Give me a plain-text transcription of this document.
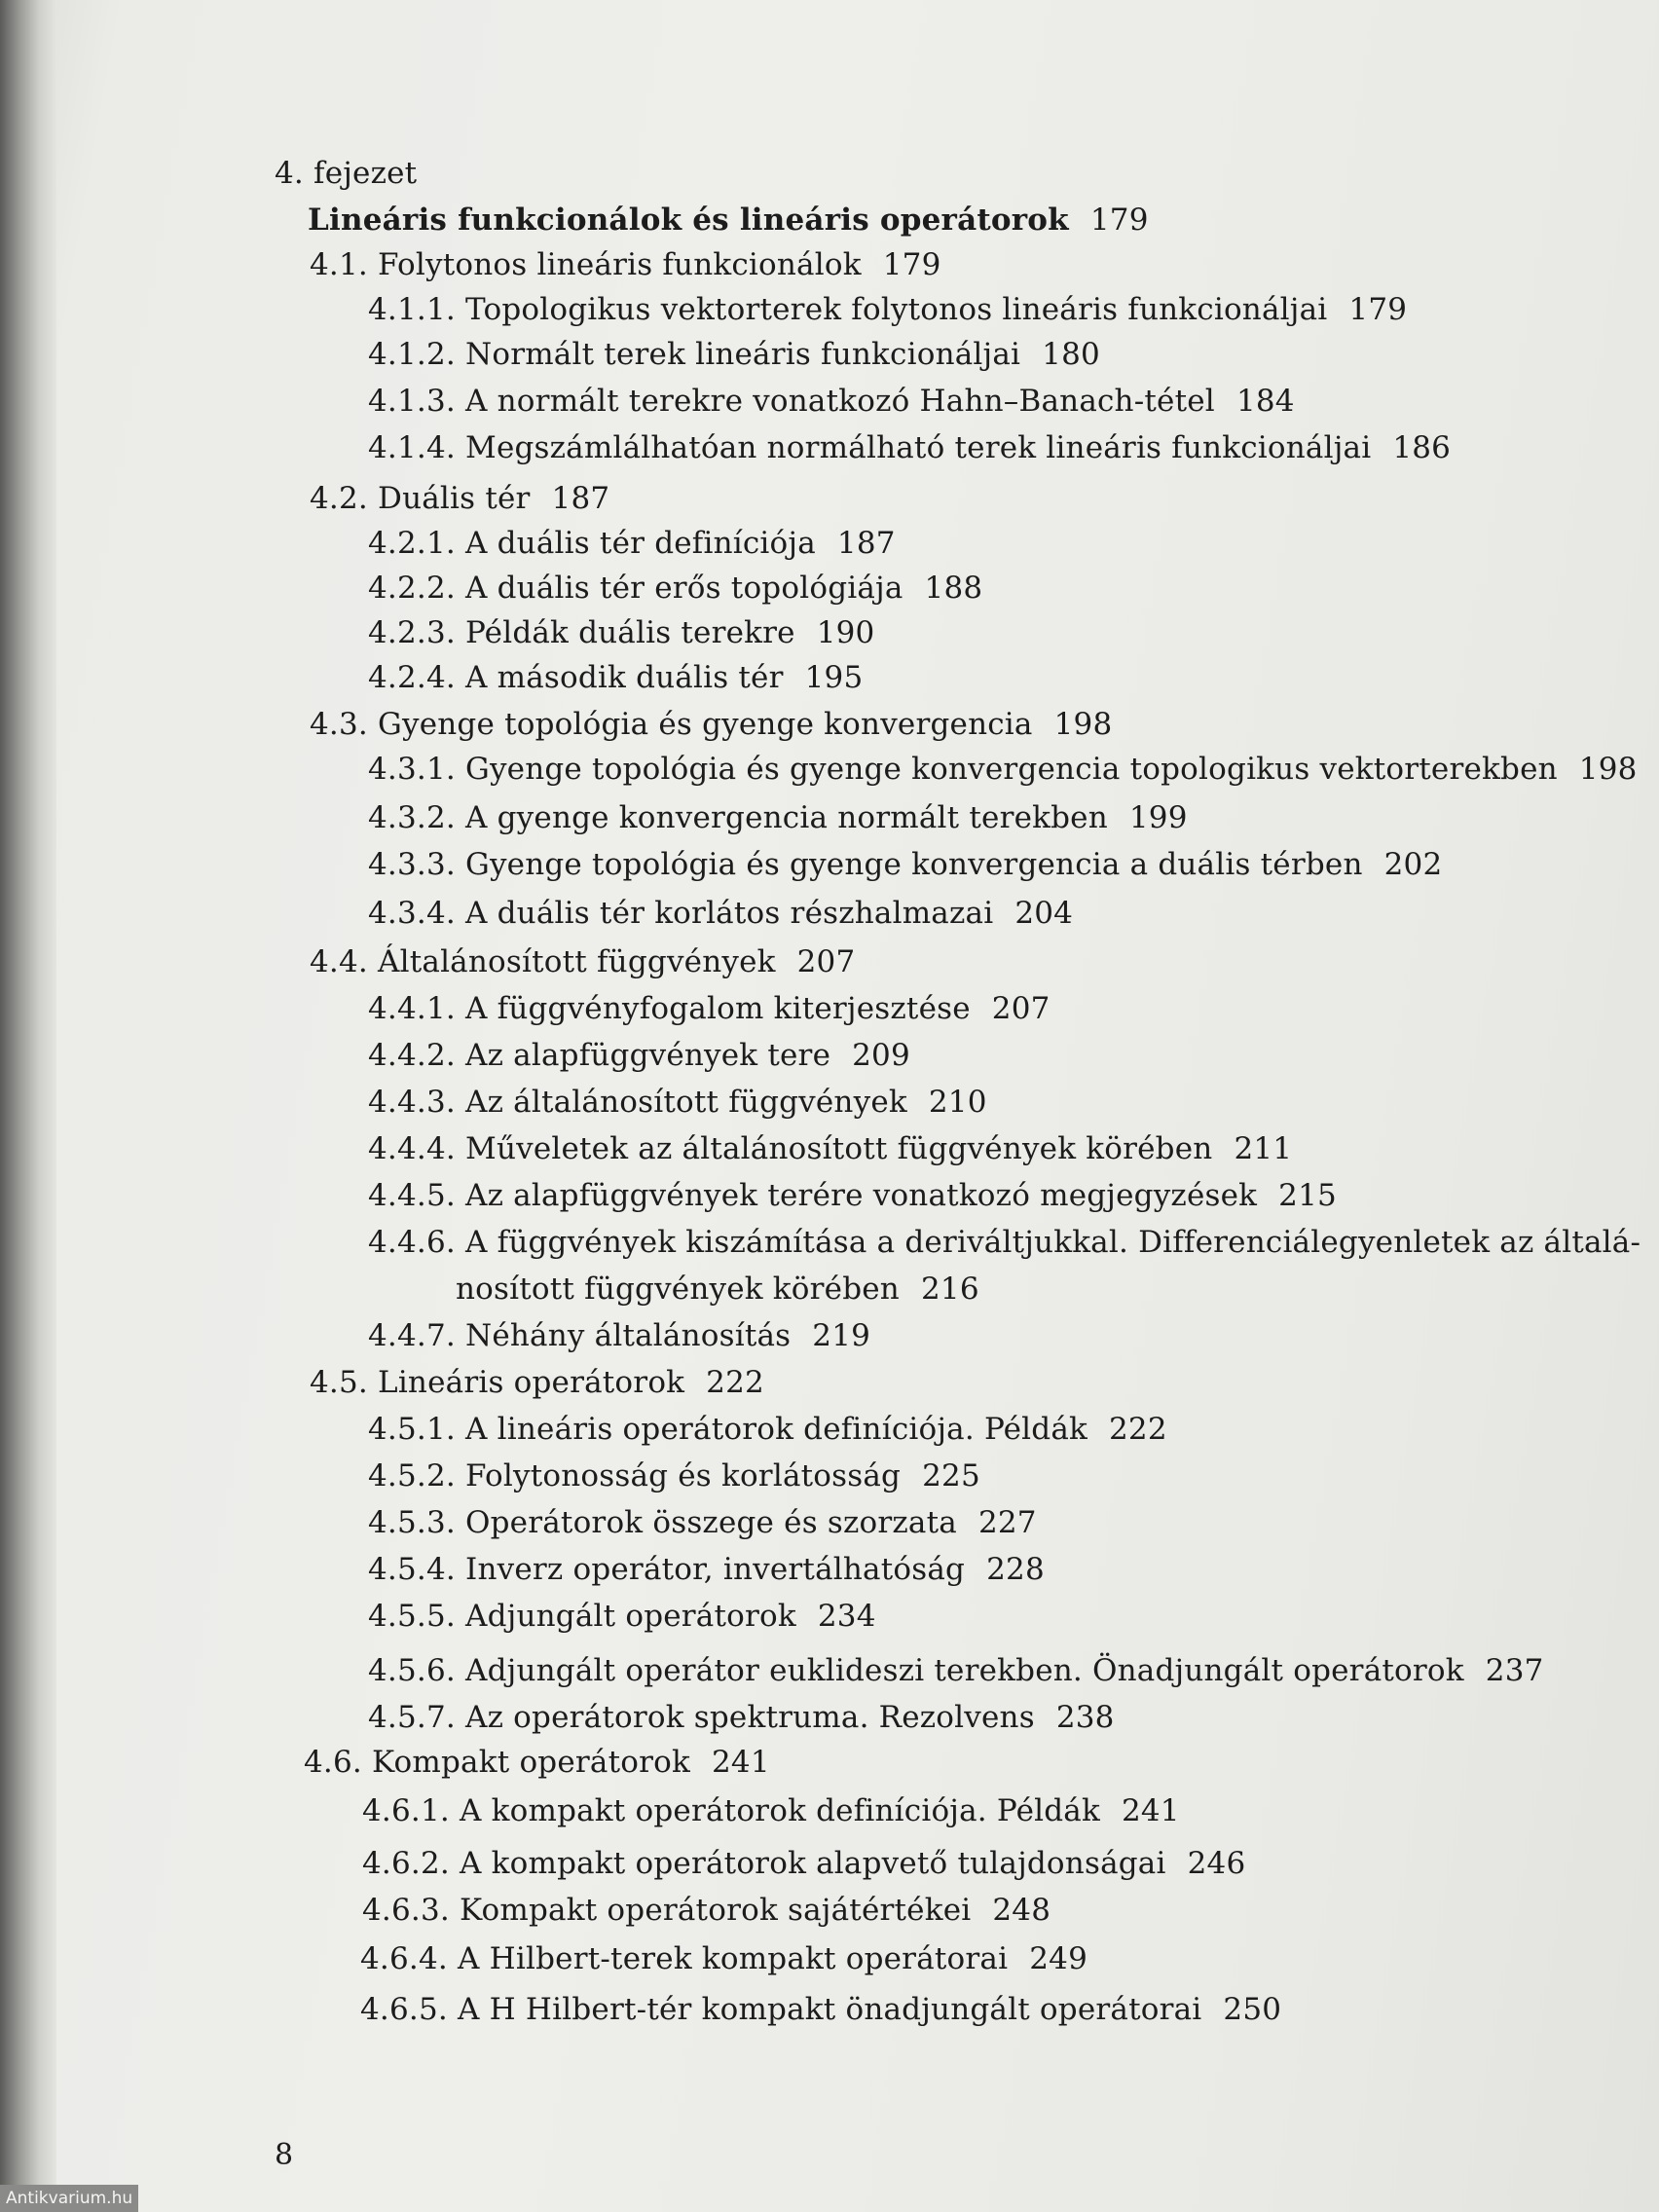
4. fejezet
Lineáris funkcionálok és lineáris operátorok 179
4.1. Folytonos lineáris funkcionálok 179
4.1.1. Topologikus vektorterek folytonos lineáris funkcionáljai 179
4.1.2. Normált terek lineáris funkcionáljai 180
4.1.3. A normált terekre vonatkozó Hahn–Banach-tétel 184
4.1.4. Megszámlálhatóan normálható terek lineáris funkcionáljai 186
4.2. Duális tér 187
4.2.1. A duális tér definíciója 187
4.2.2. A duális tér erős topológiája 188
4.2.3. Példák duális terekre 190
4.2.4. A második duális tér 195
4.3. Gyenge topológia és gyenge konvergencia 198
4.3.1. Gyenge topológia és gyenge konvergencia topologikus vektorterekben 198
4.3.2. A gyenge konvergencia normált terekben 199
4.3.3. Gyenge topológia és gyenge konvergencia a duális térben 202
4.3.4. A duális tér korlátos részhalmazai 204
4.4. Általánosított függvények 207
4.4.1. A függvényfogalom kiterjesztése 207
4.4.2. Az alapfüggvények tere 209
4.4.3. Az általánosított függvények 210
4.4.4. Műveletek az általánosított függvények körében 211
4.4.5. Az alapfüggvények terére vonatkozó megjegyzések 215
4.4.6. A függvények kiszámítása a deriváltjukkal. Differenciálegyenletek az általá-
nosított függvények körében 216
4.4.7. Néhány általánosítás 219
4.5. Lineáris operátorok 222
4.5.1. A lineáris operátorok definíciója. Példák 222
4.5.2. Folytonosság és korlátosság 225
4.5.3. Operátorok összege és szorzata 227
4.5.4. Inverz operátor, invertálhatóság 228
4.5.5. Adjungált operátorok 234
4.5.6. Adjungált operátor euklideszi terekben. Önadjungált operátorok 237
4.5.7. Az operátorok spektruma. Rezolvens 238
4.6. Kompakt operátorok 241
4.6.1. A kompakt operátorok definíciója. Példák 241
4.6.2. A kompakt operátorok alapvető tulajdonságai 246
4.6.3. Kompakt operátorok sajátértékei 248
4.6.4. A Hilbert-terek kompakt operátorai 249
4.6.5. A H Hilbert-tér kompakt önadjungált operátorai 250
8
Antikvarium.hu
